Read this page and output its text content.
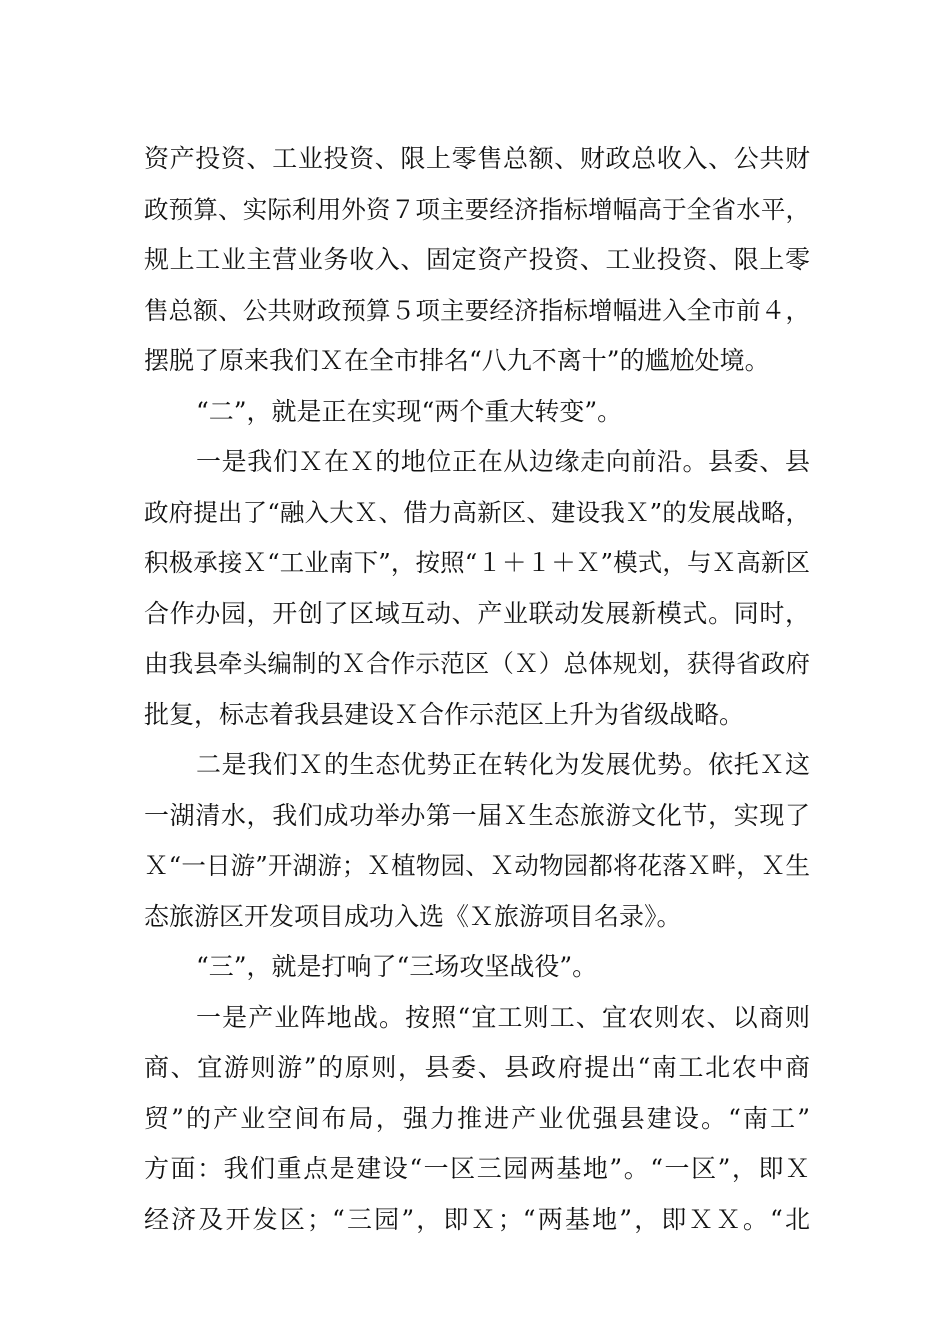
资产投资、工业投资、限上零售总额、财政总收入、公共财
政预算、实际利用外资７项主要经济指标增幅高于全省水平，
规上工业主营业务收入、固定资产投资、工业投资、限上零
售总额、公共财政预算５项主要经济指标增幅进入全市前４，
摆脱了原来我们Ｘ在全市排名“八九不离十”的尴尬处境。
“二”，就是正在实现“两个重大转变”。
一是我们Ｘ在Ｘ的地位正在从边缘走向前沿。县委、县
政府提出了“融入大Ｘ、借力高新区、建设我Ｘ”的发展战略，
积极承接Ｘ“工业南下”，按照“１＋１＋Ｘ”模式，与Ｘ高新区
合作办园，开创了区域互动、产业联动发展新模式。同时，
由我县牵头编制的Ｘ合作示范区（Ｘ）总体规划，获得省政府
批复，标志着我县建设Ｘ合作示范区上升为省级战略。
二是我们Ｘ的生态优势正在转化为发展优势。依托Ｘ这
一湖清水，我们成功举办第一届Ｘ生态旅游文化节，实现了
Ｘ“一日游”开湖游；Ｘ植物园、Ｘ动物园都将花落Ｘ畔，Ｘ生
态旅游区开发项目成功入选《Ｘ旅游项目名录》。
“三”，就是打响了“三场攻坚战役”。
一是产业阵地战。按照“宜工则工、宜农则农、以商则
商、宜游则游”的原则，县委、县政府提出“南工北农中商
贸”的产业空间布局，强力推进产业优强县建设。“南工”
方面：我们重点是建设“一区三园两基地”。“一区”，即Ｘ
经济及开发区；“三园”，即Ｘ；“两基地”，即ＸＸ。“北
